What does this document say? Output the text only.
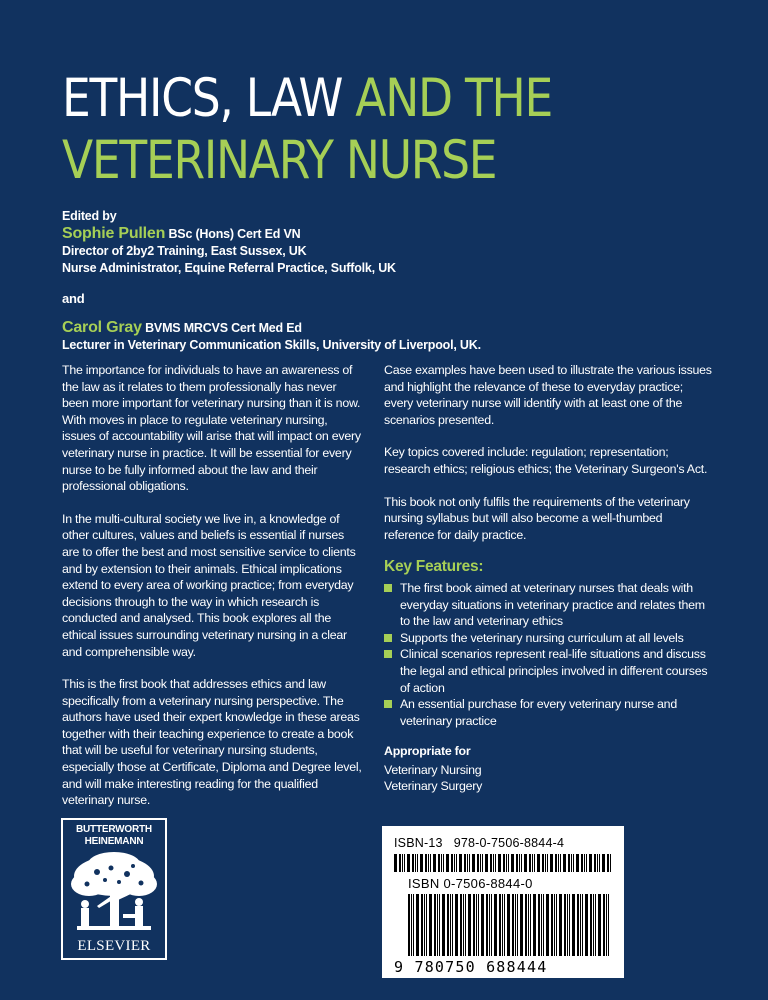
ETHICS, LAW AND THE
VETERINARY NURSE
Edited by
Sophie Pullen BSc (Hons) Cert Ed VN
Director of 2by2 Training, East Sussex, UK
Nurse Administrator, Equine Referral Practice, Suffolk, UK
and
Carol Gray BVMS MRCVS Cert Med Ed
Lecturer in Veterinary Communication Skills, University of Liverpool, UK.

The importance for individuals to have an awareness of the law as it relates to them professionally has never been more important for veterinary nursing than it is now. With moves in place to regulate veterinary nursing, issues of accountability will arise that will impact on every veterinary nurse in practice. It will be essential for every nurse to be fully informed about the law and their professional obligations.

In the multi-cultural society we live in, a knowledge of other cultures, values and beliefs is essential if nurses are to offer the best and most sensitive service to clients and by extension to their animals. Ethical implications extend to every area of working practice; from everyday decisions through to the way in which research is conducted and analysed. This book explores all the ethical issues surrounding veterinary nursing in a clear and comprehensible way.

This is the first book that addresses ethics and law specifically from a veterinary nursing perspective. The authors have used their expert knowledge in these areas together with their teaching experience to create a book that will be useful for veterinary nursing students, especially those at Certificate, Diploma and Degree level, and will make interesting reading for the qualified veterinary nurse.

Case examples have been used to illustrate the various issues and highlight the relevance of these to everyday practice; every veterinary nurse will identify with at least one of the scenarios presented.

Key topics covered include: regulation; representation; research ethics; religious ethics; the Veterinary Surgeon's Act.

This book not only fulfils the requirements of the veterinary nursing syllabus but will also become a well-thumbed reference for daily practice.

Key Features:
The first book aimed at veterinary nurses that deals with everyday situations in veterinary practice and relates them to the law and veterinary ethics
Supports the veterinary nursing curriculum at all levels
Clinical scenarios represent real-life situations and discuss the legal and ethical principles involved in different courses of action
An essential purchase for every veterinary nurse and veterinary practice
Appropriate for
Veterinary Nursing
Veterinary Surgery
BUTTERWORTH
HEINEMANN
ELSEVIER
ISBN-13 978-0-7506-8844-4
ISBN 0-7506-8844-0
9 780750 688444
